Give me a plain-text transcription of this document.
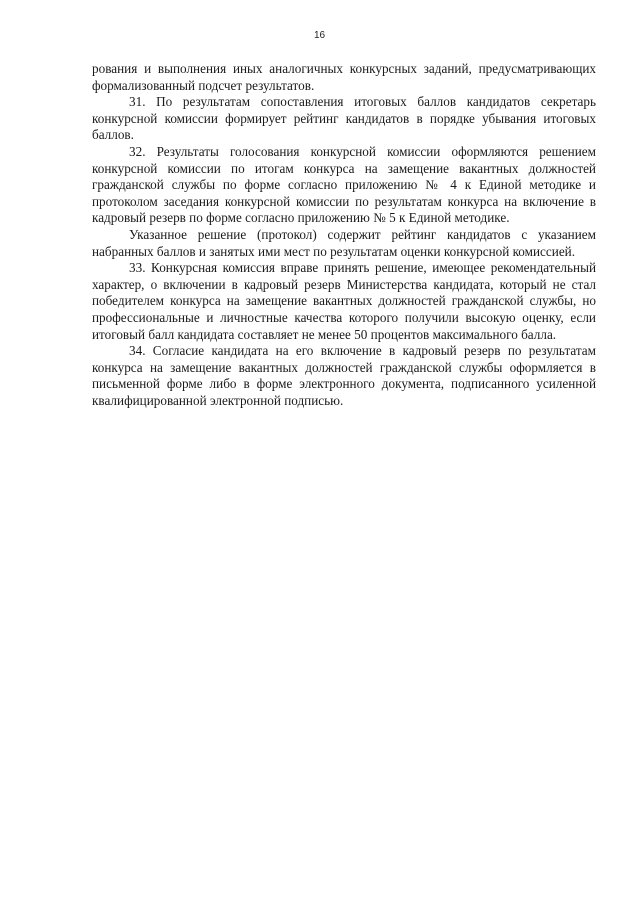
16

рования и выполнения иных аналогичных конкурсных заданий, предусматривающих формализованный подсчет результатов.

31. По результатам сопоставления итоговых баллов кандидатов секретарь конкурсной комиссии формирует рейтинг кандидатов в порядке убывания итоговых баллов.

32. Результаты голосования конкурсной комиссии оформляются решением конкурсной комиссии по итогам конкурса на замещение вакантных должностей гражданской службы по форме согласно приложению № 4 к Единой методике и протоколом заседания конкурсной комиссии по результатам конкурса на включение в кадровый резерв по форме согласно приложению № 5 к Единой методике.

Указанное решение (протокол) содержит рейтинг кандидатов с указанием набранных баллов и занятых ими мест по результатам оценки конкурсной комиссией.

33. Конкурсная комиссия вправе принять решение, имеющее рекомендательный характер, о включении в кадровый резерв Министерства кандидата, который не стал победителем конкурса на замещение вакантных должностей гражданской службы, но профессиональные и личностные качества которого получили высокую оценку, если итоговый балл кандидата составляет не менее 50 процентов максимального балла.

34. Согласие кандидата на его включение в кадровый резерв по результатам конкурса на замещение вакантных должностей гражданской службы оформляется в письменной форме либо в форме электронного документа, подписанного усиленной квалифицированной электронной подписью.
